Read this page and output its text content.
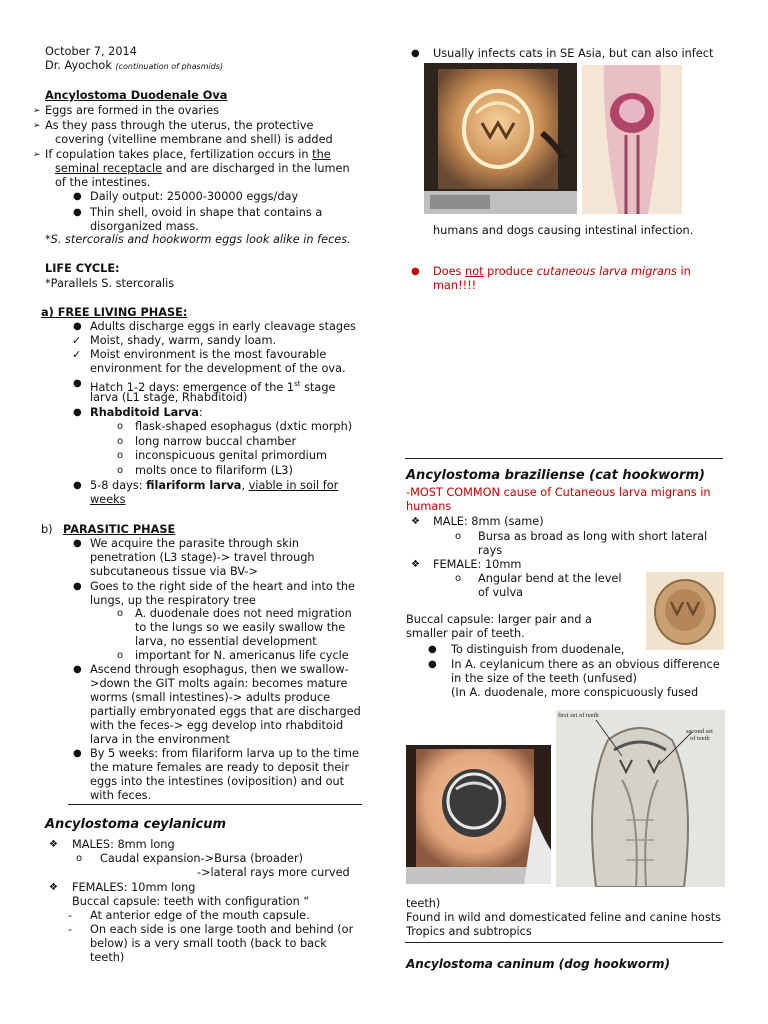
October 7, 2014
Dr. Ayochok (continuation of phasmids)
Ancylostoma Duodenale Ova
➢ Eggs are formed in the ovaries
➢ As they pass through the uterus, the protective
covering (vitelline membrane and shell) is added
➢ If copulation takes place, fertilization occurs in the
seminal receptacle and are discharged in the lumen
of the intestines.
● Daily output: 25000-30000 eggs/day
● Thin shell, ovoid in shape that contains a
disorganized mass.
*S. stercoralis and hookworm eggs look alike in feces.
LIFE CYCLE:
*Parallels S. stercoralis
a) FREE LIVING PHASE:
● Adults discharge eggs in early cleavage stages
✓ Moist, shady, warm, sandy loam.
✓ Moist environment is the most favourable
environment for the development of the ova.
● Hatch 1-2 days: emergence of the 1st stage
larva (L1 stage, Rhabditoid)
● Rhabditoid Larva:
o flask-shaped esophagus (dxtic morph)
o long narrow buccal chamber
o inconspicuous genital primordium
o molts once to filariform (L3)
● 5-8 days: filariform larva, viable in soil for
weeks
b) PARASITIC PHASE
● We acquire the parasite through skin
penetration (L3 stage)-> travel through
subcutaneous tissue via BV->
● Goes to the right side of the heart and into the
lungs, up the respiratory tree
o A. duodenale does not need migration
to the lungs so we easily swallow the
larva, no essential development
o important for N. americanus life cycle
● Ascend through esophagus, then we swallow-
>down the GIT molts again: becomes mature
worms (small intestines)-> adults produce
partially embryonated eggs that are discharged
with the feces-> egg develop into rhabditoid
larva in the environment
● By 5 weeks: from filariform larva up to the time
the mature females are ready to deposit their
eggs into the intestines (oviposition) and out
with feces.
Ancylostoma ceylanicum
❖ MALES: 8mm long
o Caudal expansion->Bursa (broader)
->lateral rays more curved
❖ FEMALES: 10mm long
Buccal capsule: teeth with configuration “
- At anterior edge of the mouth capsule.
- On each side is one large tooth and behind (or
below) is a very small tooth (back to back
teeth)
● Usually infects cats in SE Asia, but can also infect
humans and dogs causing intestinal infection.
● Does not produce cutaneous larva migrans in
man!!!!
Ancylostoma braziliense (cat hookworm)
-MOST COMMON cause of Cutaneous larva migrans in
humans
❖ MALE: 8mm (same)
o Bursa as broad as long with short lateral
rays
❖ FEMALE: 10mm
o Angular bend at the level
of vulva
Buccal capsule: larger pair and a
smaller pair of teeth.
● To distinguish from duodenale,
● In A. ceylanicum there as an obvious difference
in the size of the teeth (unfused)
(In A. duodenale, more conspicuously fused
first set of teeth
second set
of teeth
teeth)
Found in wild and domesticated feline and canine hosts
Tropics and subtropics
Ancylostoma caninum (dog hookworm)
